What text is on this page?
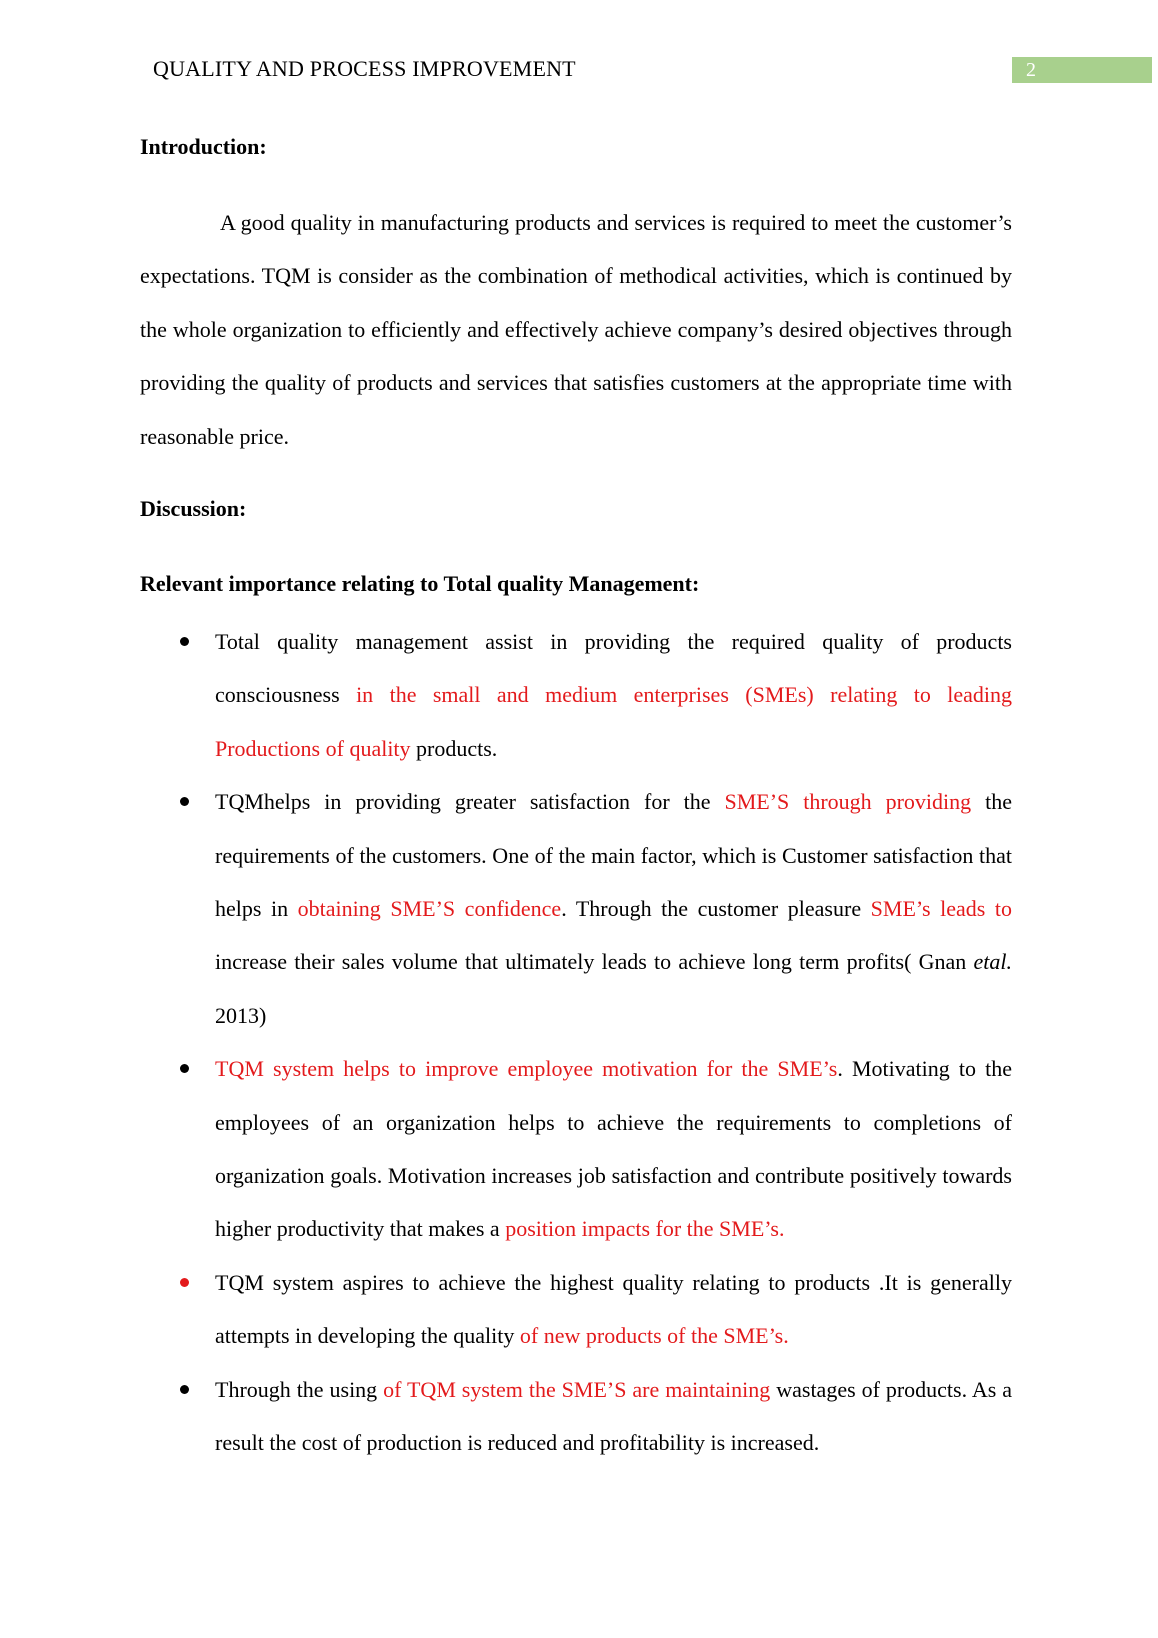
QUALITY AND PROCESS IMPROVEMENT	2
Introduction:

A good quality in manufacturing products and services is required to meet the customer’s expectations. TQM is consider as the combination of methodical activities, which is continued by the whole organization to efficiently and effectively achieve company’s desired objectives through providing the quality of products and services that satisfies customers at the appropriate time with reasonable price.

Discussion:
Relevant importance relating to Total quality Management:
Total quality management assist in providing the required quality of products consciousness in the small and medium enterprises (SMEs) relating to leading Productions of quality products.
TQMhelps in providing greater satisfaction for the SME’S through providing the requirements of the customers. One of the main factor, which is Customer satisfaction that helps in obtaining SME’S confidence. Through the customer pleasure SME’s leads to increase their sales volume that ultimately leads to achieve long term profits( Gnan etal. 2013)
TQM system helps to improve employee motivation for the SME’s. Motivating to the employees of an organization helps to achieve the requirements to completions of organization goals. Motivation increases job satisfaction and contribute positively towards higher productivity that makes a position impacts for the SME’s.
TQM system aspires to achieve the highest quality relating to products .It is generally attempts in developing the quality of new products of the SME’s.
Through the using of TQM system the SME’S are maintaining wastages of products. As a result the cost of production is reduced and profitability is increased.
